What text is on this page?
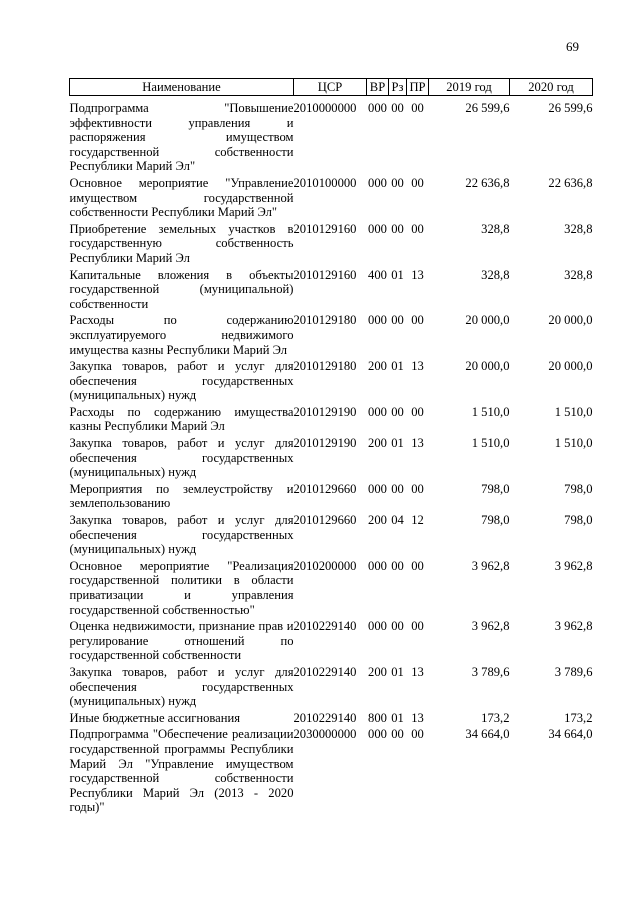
69
Наименование	ЦСР	ВР	Рз	ПР	2019 год	2020 год

Подпрограмма "Повышение эффективности управления и распоряжения имуществом государственной собственности Республики Марий Эл"	2010000000	000	00	00	26 599,6	26 599,6
Основное мероприятие "Управление имуществом государственной собственности Республики Марий Эл"	2010100000	000	00	00	22 636,8	22 636,8
Приобретение земельных участков в государственную собственность Республики Марий Эл	2010129160	000	00	00	328,8	328,8
Капитальные вложения в объекты государственной (муниципальной) собственности	2010129160	400	01	13	328,8	328,8
Расходы по содержанию эксплуатируемого недвижимого имущества казны Республики Марий Эл	2010129180	000	00	00	20 000,0	20 000,0
Закупка товаров, работ и услуг для обеспечения государственных (муниципальных) нужд	2010129180	200	01	13	20 000,0	20 000,0
Расходы по содержанию имущества казны Республики Марий Эл	2010129190	000	00	00	1 510,0	1 510,0
Закупка товаров, работ и услуг для обеспечения государственных (муниципальных) нужд	2010129190	200	01	13	1 510,0	1 510,0
Мероприятия по землеустройству и землепользованию	2010129660	000	00	00	798,0	798,0
Закупка товаров, работ и услуг для обеспечения государственных (муниципальных) нужд	2010129660	200	04	12	798,0	798,0
Основное мероприятие "Реализация государственной политики в области приватизации и управления государственной собственностью"	2010200000	000	00	00	3 962,8	3 962,8
Оценка недвижимости, признание прав и регулирование отношений по государственной собственности	2010229140	000	00	00	3 962,8	3 962,8
Закупка товаров, работ и услуг для обеспечения государственных (муниципальных) нужд	2010229140	200	01	13	3 789,6	3 789,6
Иные бюджетные ассигнования	2010229140	800	01	13	173,2	173,2
Подпрограмма "Обеспечение реализации государственной программы Республики Марий Эл "Управление имуществом государственной собственности Республики Марий Эл (2013 - 2020 годы)"	2030000000	000	00	00	34 664,0	34 664,0
